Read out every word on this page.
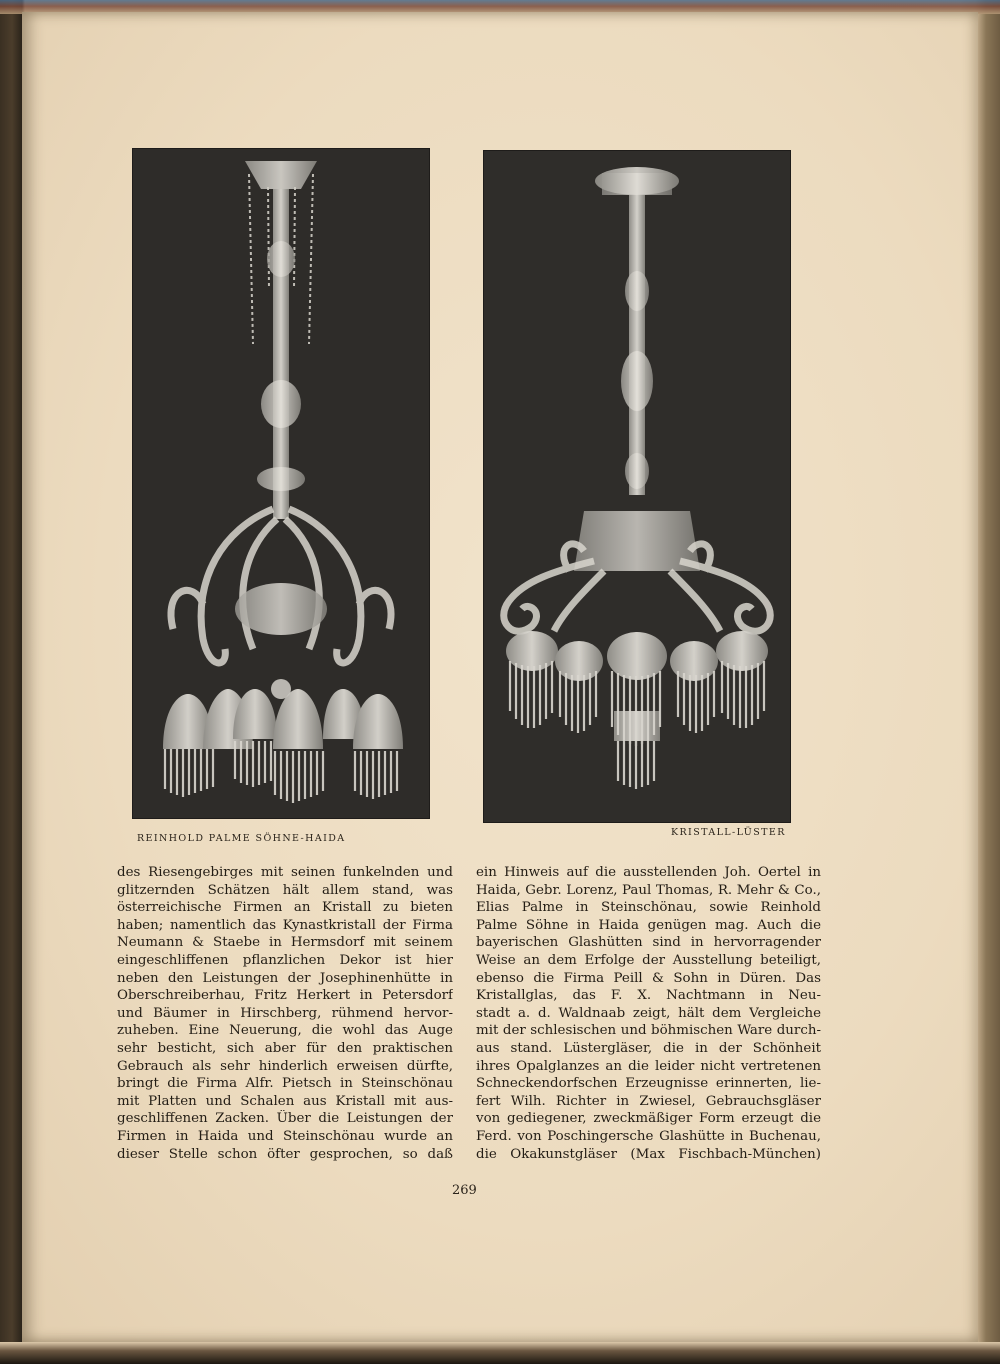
REINHOLD PALME SÖHNE-HAIDA
KRISTALL-LÜSTER
des Riesengebirges mit seinen funkelnden und
glitzernden Schätzen hält allem stand, was
österreichische Firmen an Kristall zu bieten
haben; namentlich das Kynastkristall der Firma
Neumann & Staebe in Hermsdorf mit seinem
eingeschliffenen pflanzlichen Dekor ist hier
neben den Leistungen der Josephinenhütte in
Oberschreiberhau, Fritz Herkert in Petersdorf
und Bäumer in Hirschberg, rühmend hervor-
zuheben. Eine Neuerung, die wohl das Auge
sehr besticht, sich aber für den praktischen
Gebrauch als sehr hinderlich erweisen dürfte,
bringt die Firma Alfr. Pietsch in Steinschönau
mit Platten und Schalen aus Kristall mit aus-
geschliffenen Zacken. Über die Leistungen der
Firmen in Haida und Steinschönau wurde an
dieser Stelle schon öfter gesprochen, so daß
ein Hinweis auf die ausstellenden Joh. Oertel in
Haida, Gebr. Lorenz, Paul Thomas, R. Mehr & Co.,
Elias Palme in Steinschönau, sowie Reinhold
Palme Söhne in Haida genügen mag. Auch die
bayerischen Glashütten sind in hervorragender
Weise an dem Erfolge der Ausstellung beteiligt,
ebenso die Firma Peill & Sohn in Düren. Das
Kristallglas, das F. X. Nachtmann in Neu-
stadt a. d. Waldnaab zeigt, hält dem Vergleiche
mit der schlesischen und böhmischen Ware durch-
aus stand. Lüstergläser, die in der Schönheit
ihres Opalglanzes an die leider nicht vertretenen
Schneckendorfschen Erzeugnisse erinnerten, lie-
fert Wilh. Richter in Zwiesel, Gebrauchsgläser
von gediegener, zweckmäßiger Form erzeugt die
Ferd. von Poschingersche Glashütte in Buchenau,
die Okakunstgläser (Max Fischbach-München)
269
